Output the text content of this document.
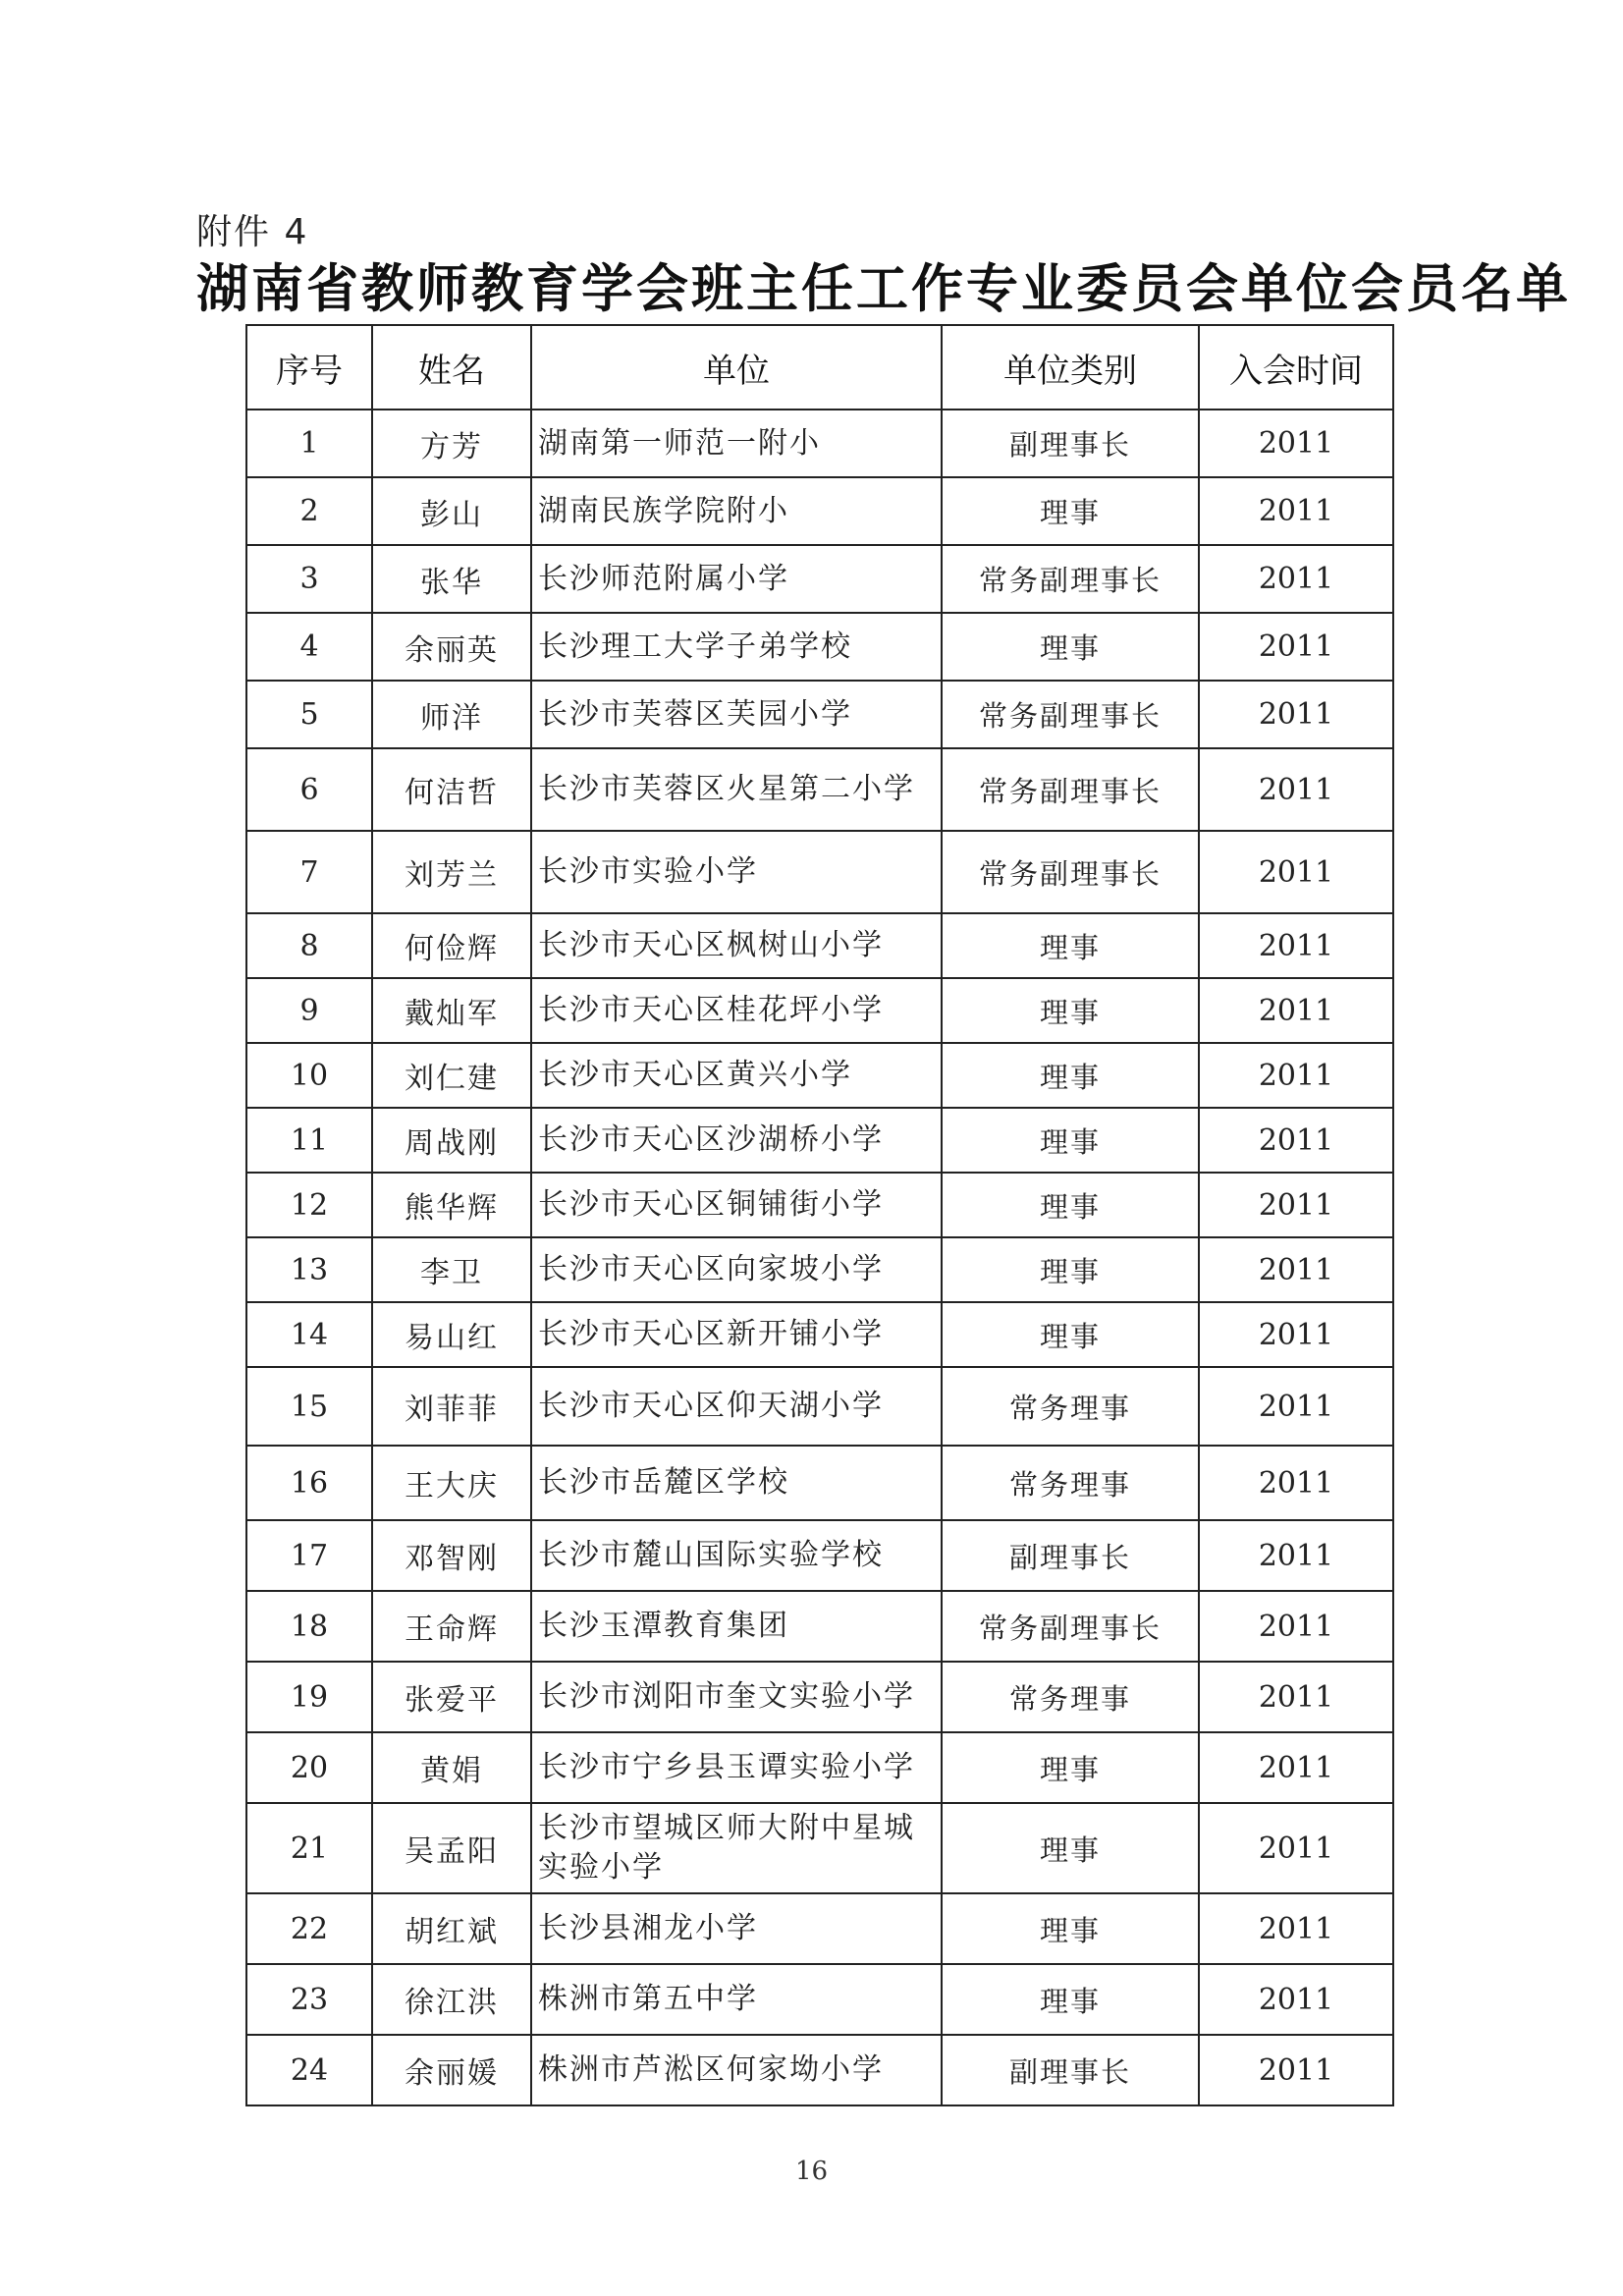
附件 4
湖南省教师教育学会班主任工作专业委员会单位会员名单
序号	姓名	单位	单位类别	入会时间
1	方芳	湖南第一师范一附小	副理事长	2011
2	彭山	湖南民族学院附小	理事	2011
3	张华	长沙师范附属小学	常务副理事长	2011
4	余丽英	长沙理工大学子弟学校	理事	2011
5	师洋	长沙市芙蓉区芙园小学	常务副理事长	2011
6	何洁哲	长沙市芙蓉区火星第二小学	常务副理事长	2011
7	刘芳兰	长沙市实验小学	常务副理事长	2011
8	何俭辉	长沙市天心区枫树山小学	理事	2011
9	戴灿军	长沙市天心区桂花坪小学	理事	2011
10	刘仁建	长沙市天心区黄兴小学	理事	2011
11	周战刚	长沙市天心区沙湖桥小学	理事	2011
12	熊华辉	长沙市天心区铜铺街小学	理事	2011
13	李卫	长沙市天心区向家坡小学	理事	2011
14	易山红	长沙市天心区新开铺小学	理事	2011
15	刘菲菲	长沙市天心区仰天湖小学	常务理事	2011
16	王大庆	长沙市岳麓区学校	常务理事	2011
17	邓智刚	长沙市麓山国际实验学校	副理事长	2011
18	王命辉	长沙玉潭教育集团	常务副理事长	2011
19	张爱平	长沙市浏阳市奎文实验小学	常务理事	2011
20	黄娟	长沙市宁乡县玉谭实验小学	理事	2011
21	吴孟阳	长沙市望城区师大附中星城实验小学	理事	2011
22	胡红斌	长沙县湘龙小学	理事	2011
23	徐江洪	株洲市第五中学	理事	2011
24	余丽媛	株洲市芦淞区何家坳小学	副理事长	2011
16
